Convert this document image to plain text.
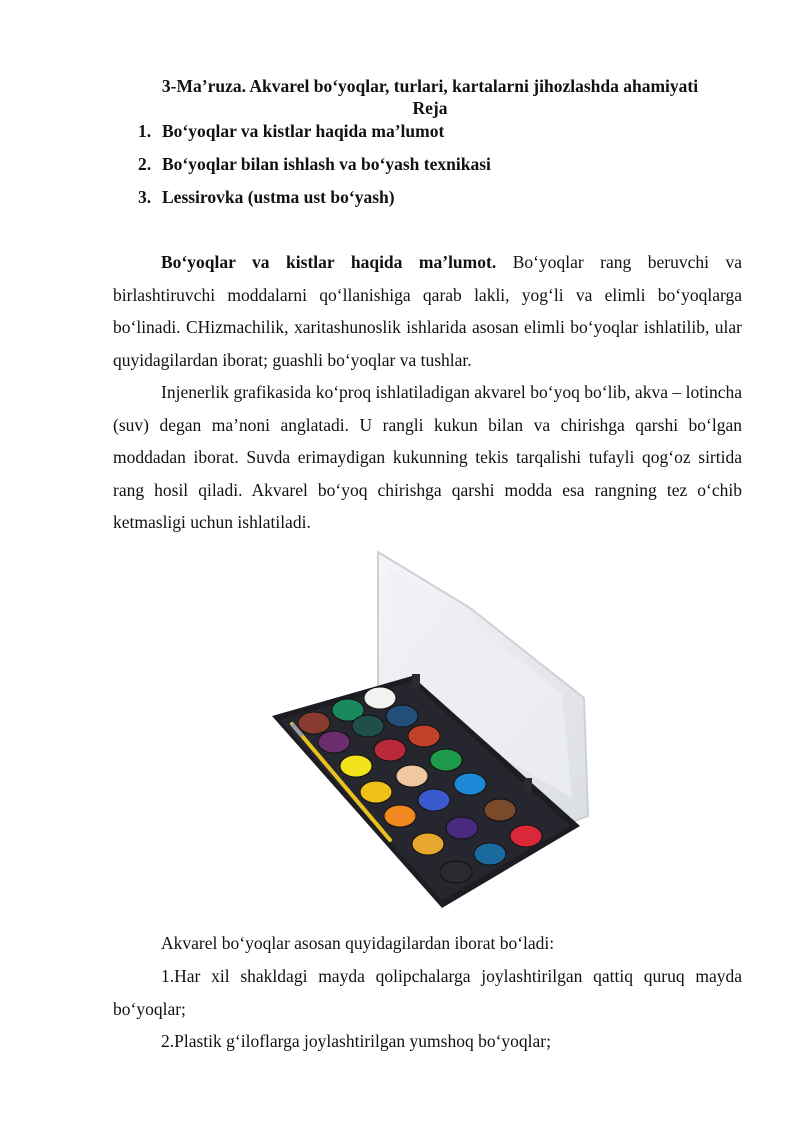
3-Ma’ruza. Akvarel bo‘yoqlar, turlari, kartalarni jihozlashda ahamiyati
Reja
1. Bo‘yoqlar va kistlar haqida ma’lumot
2. Bo‘yoqlar bilan ishlash va bo‘yash texnikasi
3. Lessirovka (ustma ust bo‘yash)

Bo‘yoqlar va kistlar haqida ma’lumot. Bo‘yoqlar rang beruvchi va birlashtiruvchi moddalarni qo‘llanishiga qarab lakli, yog‘li va elimli bo‘yoqlarga bo‘linadi. CHizmachilik, xaritashunoslik ishlarida asosan elimli bo‘yoqlar ishlatilib, ular quyidagilardan iborat; guashli bo‘yoqlar va tushlar.

Injenerlik grafikasida ko‘proq ishlatiladigan akvarel bo‘yoq bo‘lib, akva – lotincha (suv) degan ma’noni anglatadi. U rangli kukun bilan va chirishga qarshi bo‘lgan moddadan iborat. Suvda erimaydigan kukunning tekis tarqalishi tufayli qog‘oz sirtida rang hosil qiladi. Akvarel bo‘yoq chirishga qarshi modda esa rangning tez o‘chib ketmasligi uchun ishlatiladi.

Akvarel bo‘yoqlar asosan quyidagilardan iborat bo‘ladi:

1.Har xil shakldagi mayda qolipchalarga joylashtirilgan qattiq quruq mayda bo‘yoqlar;

2.Plastik g‘iloflarga joylashtirilgan yumshoq bo‘yoqlar;
